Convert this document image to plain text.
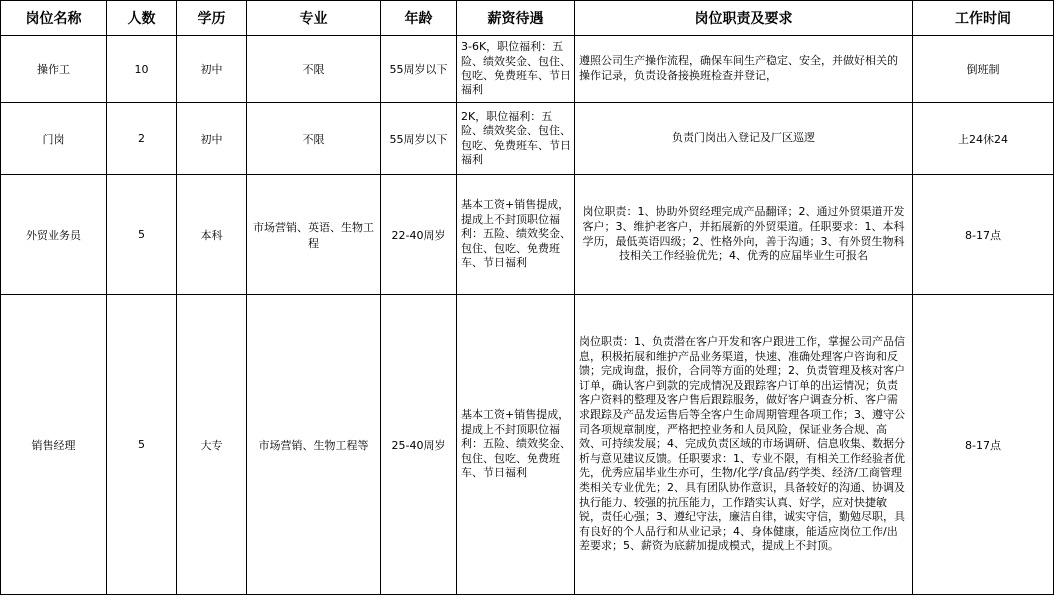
岗位名称	人数	学历	专业	年龄	薪资待遇	岗位职责及要求	工作时间
操作工	10	初中	不限	55周岁以下	3-6K，职位福利：五险、绩效奖金、包住、包吃、免费班车、节日福利	遵照公司生产操作流程，确保车间生产稳定、安全，并做好相关的操作记录，负责设备接换班检查并登记，	倒班制
门岗	2	初中	不限	55周岁以下	2K，职位福利：五险、绩效奖金、包住、包吃、免费班车、节日福利	负责门岗出入登记及厂区巡逻	上24休24
外贸业务员	5	本科	市场营销、英语、生物工程	22-40周岁	基本工资+销售提成，提成上不封顶职位福利：五险、绩效奖金、包住、包吃、免费班车、节日福利	岗位职责：1、协助外贸经理完成产品翻译；2、通过外贸渠道开发客户；3、维护老客户，并拓展新的外贸渠道。任职要求：1、本科学历，最低英语四级；2、性格外向，善于沟通；3、有外贸生物科技相关工作经验优先；4、优秀的应届毕业生可报名	8-17点
销售经理	5	大专	市场营销、生物工程等	25-40周岁	基本工资+销售提成，提成上不封顶职位福利：五险、绩效奖金、包住、包吃、免费班车、节日福利	岗位职责：1、负责潜在客户开发和客户跟进工作，掌握公司产品信息，积极拓展和维护产品业务渠道，快速、准确处理客户咨询和反馈；完成询盘，报价，合同等方面的处理；2、负责管理及核对客户订单，确认客户到款的完成情况及跟踪客户订单的出运情况；负责客户资料的整理及客户售后跟踪服务，做好客户调查分析、客户需求跟踪及产品发运售后等全客户生命周期管理各项工作；3、遵守公司各项规章制度，严格把控业务和人员风险，保证业务合规、高效、可持续发展；4、完成负责区域的市场调研、信息收集、数据分析与意见建议反馈。任职要求：1、专业不限，有相关工作经验者优先，优秀应届毕业生亦可，生物/化学/食品/药学类、经济/工商管理类相关专业优先；2、具有团队协作意识，具备较好的沟通、协调及执行能力、较强的抗压能力，工作踏实认真、好学，应对快捷敏锐，责任心强；3、遵纪守法，廉洁自律，诚实守信，勤勉尽职，具有良好的个人品行和从业记录；4、身体健康，能适应岗位工作/出差要求；5、薪资为底薪加提成模式，提成上不封顶。	8-17点
